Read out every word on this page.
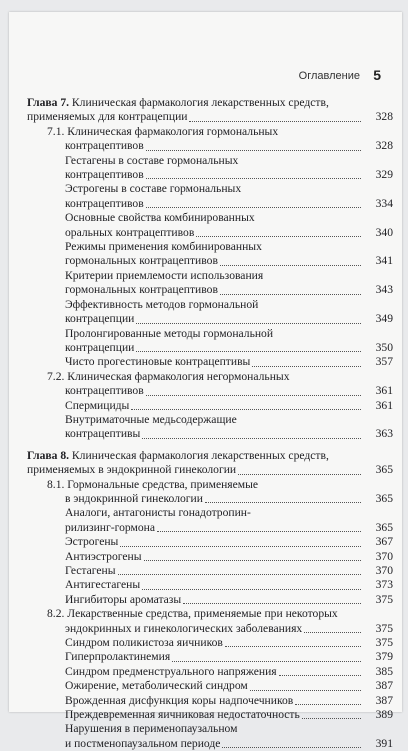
Оглавление 5
Глава 7. Клиническая фармакология лекарственных средств,
применяемых для контрацепции	328
7.1. Клиническая фармакология гормональных
контрацептивов	328
Гестагены в составе гормональных
контрацептивов	329
Эстрогены в составе гормональных
контрацептивов	334
Основные свойства комбинированных
оральных контрацептивов	340
Режимы применения комбинированных
гормональных контрацептивов	341
Критерии приемлемости использования
гормональных контрацептивов	343
Эффективность методов гормональной
контрацепции	349
Пролонгированные методы гормональной
контрацепции	350
Чисто прогестиновые контрацептивы	357
7.2. Клиническая фармакология негормональных
контрацептивов	361
Спермициды	361
Внутриматочные медьсодержащие
контрацептивы	363
Глава 8. Клиническая фармакология лекарственных средств,
применяемых в эндокринной гинекологии	365
8.1. Гормональные средства, применяемые
в эндокринной гинекологии	365
Аналоги, антагонисты гонадотропин-
рилизинг-гормона	365
Эстрогены	367
Антиэстрогены	370
Гестагены	370
Антигестагены	373
Ингибиторы ароматазы	375
8.2. Лекарственные средства, применяемые при некоторых
эндокринных и гинекологических заболеваниях	375
Синдром поликистоза яичников	375
Гиперпролактинемия	379
Синдром предменструального напряжения	385
Ожирение, метаболический синдром	387
Врожденная дисфункция коры надпочечников	387
Преждевременная яичниковая недостаточность	389
Нарушения в перименопаузальном
и постменопаузальном периоде	391
